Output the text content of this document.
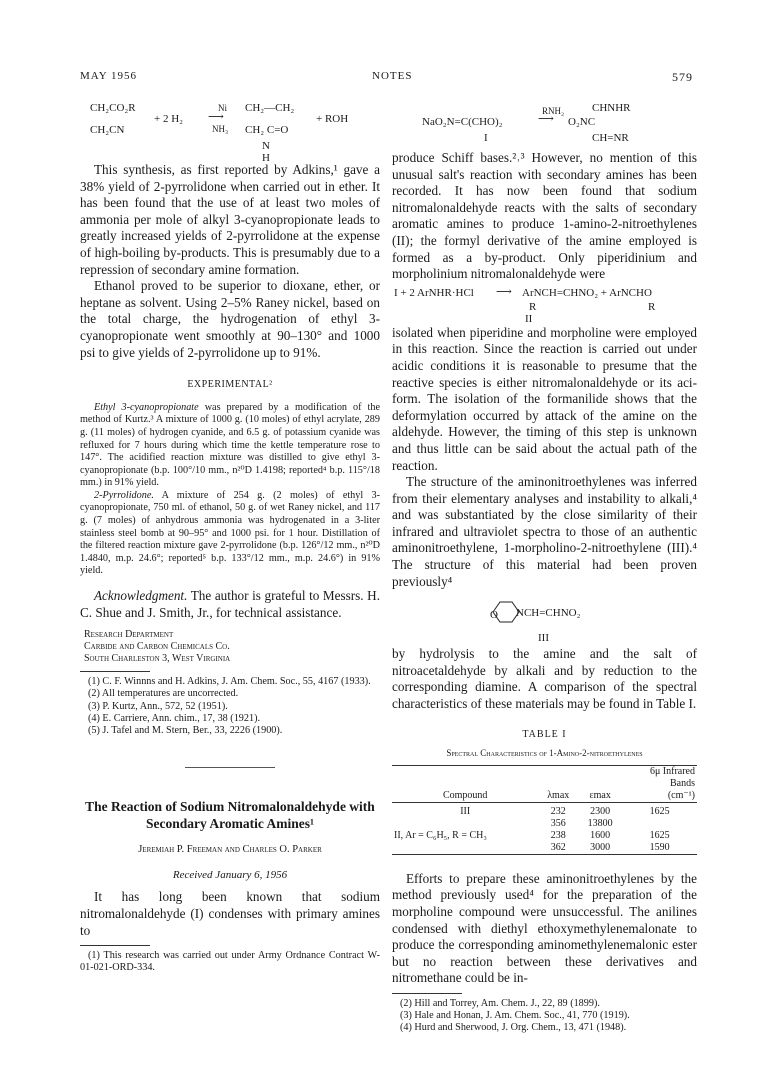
MAY 1956	NOTES	579
CH₂CO₂R
CH₂CN
+ 2 H₂
Ni
⟶
NH₃
CH₂—CH₂
CH₂ C=O
N
H
+ ROH

This synthesis, as first reported by Adkins,¹ gave a 38% yield of 2-pyrrolidone when carried out in ether. It has been found that the use of at least two moles of ammonia per mole of alkyl 3-cyanopropionate leads to greatly increased yields of 2-pyrrolidone at the expense of high-boiling by-products. This is presumably due to a repression of secondary amine formation.

Ethanol proved to be superior to dioxane, ether, or heptane as solvent. Using 2–5% Raney nickel, based on the total charge, the hydrogenation of ethyl 3-cyanopropionate went smoothly at 90–130° and 1000 psi to give yields of 2-pyrrolidone up to 91%.

EXPERIMENTAL²

Ethyl 3-cyanopropionate was prepared by a modification of the method of Kurtz.³ A mixture of 1000 g. (10 moles) of ethyl acrylate, 289 g. (11 moles) of hydrogen cyanide, and 6.5 g. of potassium cyanide was refluxed for 7 hours during which time the kettle temperature rose to 147°. The acidified reaction mixture was distilled to give ethyl 3-cyanopropionate (b.p. 100°/10 mm., n²⁰D 1.4198; reported⁴ b.p. 115°/18 mm.) in 91% yield.

2-Pyrrolidone. A mixture of 254 g. (2 moles) of ethyl 3-cyanopropionate, 750 ml. of ethanol, 50 g. of wet Raney nickel, and 117 g. (7 moles) of anhydrous ammonia was hydrogenated in a 3-liter stainless steel bomb at 90–95° and 1000 psi. for 1 hour. Distillation of the filtered reaction mixture gave 2-pyrrolidone (b.p. 126°/12 mm., n²⁰D 1.4840, m.p. 24.6°; reported⁵ b.p. 133°/12 mm., m.p. 24.6°) in 91% yield.

Acknowledgment. The author is grateful to Messrs. H. C. Shue and J. Smith, Jr., for technical assistance.

Research Department
Carbide and Carbon Chemicals Co.
South Charleston 3, West Virginia

(1) C. F. Winnns and H. Adkins, J. Am. Chem. Soc., 55, 4167 (1933).

(2) All temperatures are uncorrected.

(3) P. Kurtz, Ann., 572, 52 (1951).

(4) E. Carriere, Ann. chim., 17, 38 (1921).

(5) J. Tafel and M. Stern, Ber., 33, 2226 (1900).

The Reaction of Sodium Nitromalonaldehyde with Secondary Aromatic Amines¹
Jeremiah P. Freeman and Charles O. Parker
Received January 6, 1956

It has long been known that sodium nitromalonaldehyde (I) condenses with primary amines to

(1) This research was carried out under Army Ordnance Contract W-01-021-ORD-334.

NaO₂N=C(CHO)₂
I
RNH₂
⟶
CHNHR
O₂NC
CH=NR

produce Schiff bases.²˒³ However, no mention of this unusual salt's reaction with secondary amines has been recorded. It has now been found that sodium nitromalonaldehyde reacts with the salts of secondary aromatic amines to produce 1-amino-2-nitroethylenes (II); the formyl derivative of the amine employed is formed as a by-product. Only piperidinium and morpholinium nitromalonaldehyde were

I + 2 ArNHR·HCl ⟶ ArNCH=CHNO₂ + ArNCHO
R	R
II

isolated when piperidine and morpholine were employed in this reaction. Since the reaction is carried out under acidic conditions it is reasonable to presume that the reactive species is either nitromalonaldehyde or its aci-form. The isolation of the formanilide shows that the deformylation occurred by attack of the amine on the aldehyde. However, the timing of this step is unknown and thus little can be said about the actual path of the reaction.

The structure of the aminonitroethylenes was inferred from their elementary analyses and instability to alkali,⁴ and was substantiated by the close similarity of their infrared and ultraviolet spectra to those of an authentic aminonitroethylene, 1-morpholino-2-nitroethylene (III).⁴ The structure of this material had been proven previously⁴

O NCH=CHNO₂
III

by hydrolysis to the amine and the salt of nitroacetaldehyde by alkali and by reduction to the corresponding diamine. A comparison of the spectral characteristics of these materials may be found in Table I.

TABLE I
Spectral Characteristics of 1-Amino-2-nitroethylenes
Compound	λmax	εmax	6μ Infrared
Bands
(cm⁻¹)

III	232	2300	1625
	356	13800	
II, Ar = C₆H₅, R = CH₃	238	1600	1625
	362	3000	1590

Efforts to prepare these aminonitroethylenes by the method previously used⁴ for the preparation of the morpholine compound were unsuccessful. The anilines condensed with diethyl ethoxymethylenemalonate to produce the corresponding aminomethylenemalonic ester but no reaction between these derivatives and nitromethane could be in-

(2) Hill and Torrey, Am. Chem. J., 22, 89 (1899).

(3) Hale and Honan, J. Am. Chem. Soc., 41, 770 (1919).

(4) Hurd and Sherwood, J. Org. Chem., 13, 471 (1948).
